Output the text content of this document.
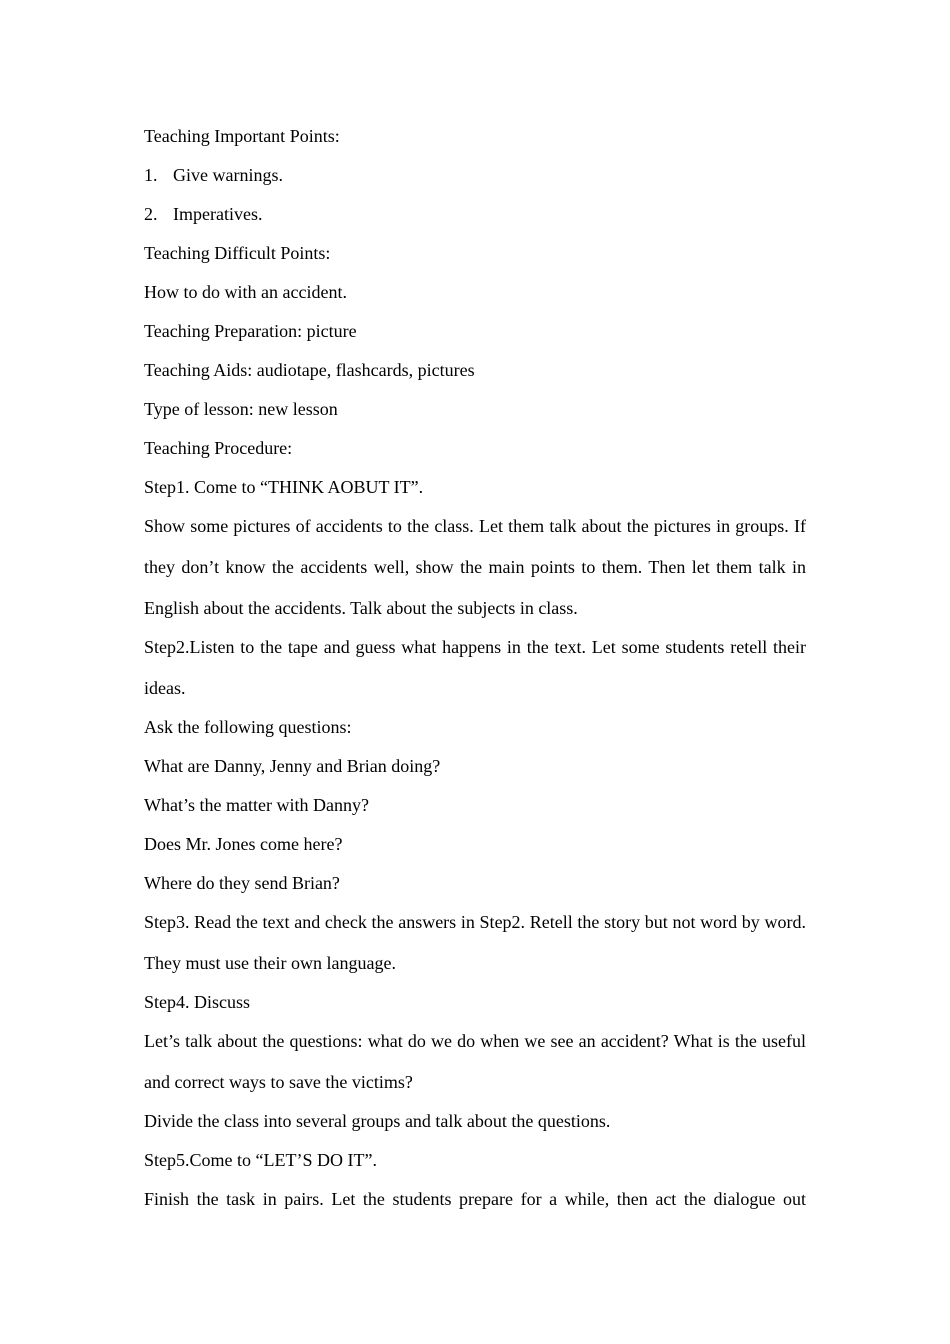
Teaching Important Points:
1. Give warnings.
2. Imperatives.
Teaching Difficult Points:
How to do with an accident.
Teaching Preparation: picture
Teaching Aids: audiotape, flashcards, pictures
Type of lesson: new lesson
Teaching Procedure:
Step1. Come to “THINK AOBUT IT”.
Show some pictures of accidents to the class. Let them talk about the pictures in groups. If they don’t know the accidents well, show the main points to them. Then let them talk in English about the accidents. Talk about the subjects in class.
Step2.Listen to the tape and guess what happens in the text. Let some students retell their ideas.
Ask the following questions:
What are Danny, Jenny and Brian doing?
What’s the matter with Danny?
Does Mr. Jones come here?
Where do they send Brian?
Step3. Read the text and check the answers in Step2. Retell the story but not word by word. They must use their own language.
Step4. Discuss
Let’s talk about the questions: what do we do when we see an accident? What is the useful and correct ways to save the victims?
Divide the class into several groups and talk about the questions.
Step5.Come to “LET’S DO IT”.
Finish the task in pairs. Let the students prepare for a while, then act the dialogue out
